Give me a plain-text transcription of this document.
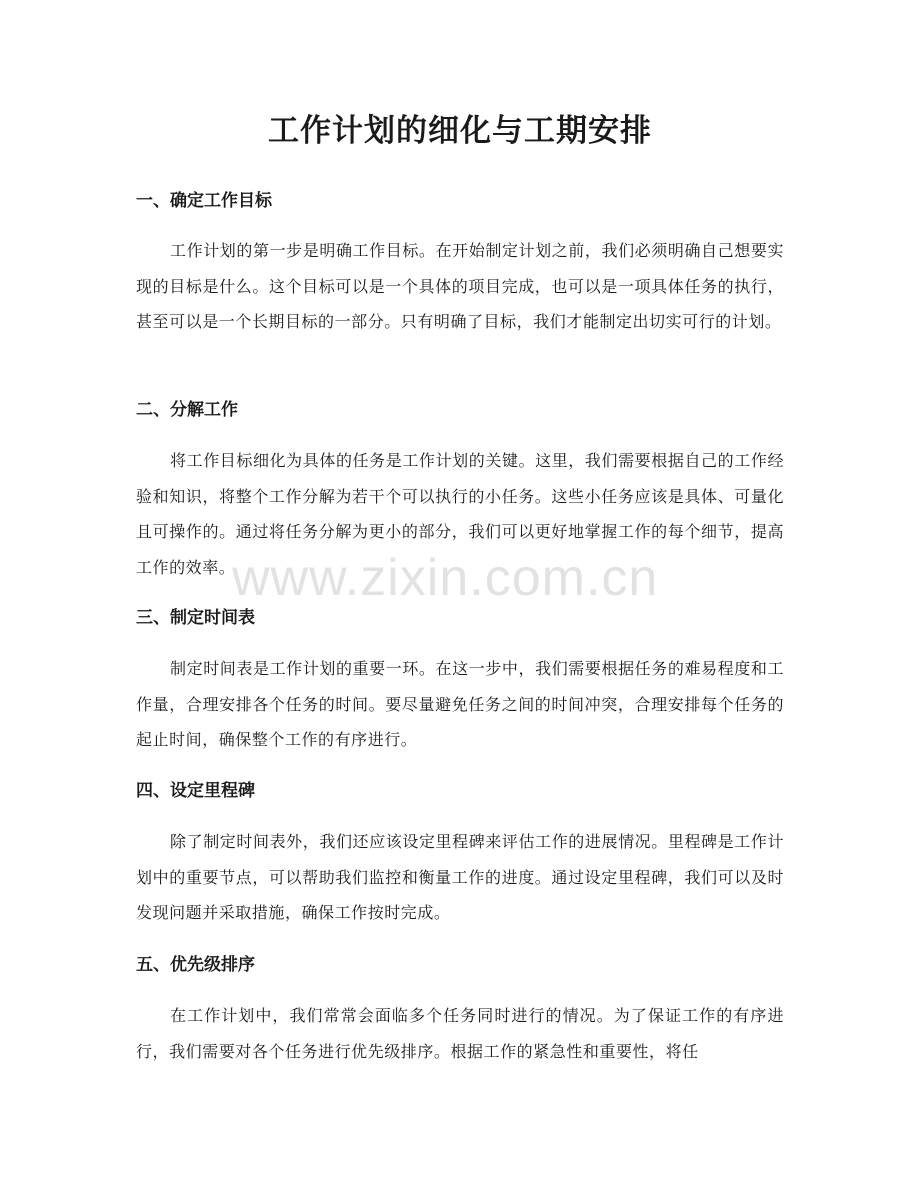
工作计划的细化与工期安排
一、确定工作目标

工作计划的第一步是明确工作目标。在开始制定计划之前，我们必须明确自己想要实现的目标是什么。这个目标可以是一个具体的项目完成，也可以是一项具体任务的执行，甚至可以是一个长期目标的一部分。只有明确了目标，我们才能制定出切实可行的计划。

二、分解工作

将工作目标细化为具体的任务是工作计划的关键。这里，我们需要根据自己的工作经验和知识，将整个工作分解为若干个可以执行的小任务。这些小任务应该是具体、可量化且可操作的。通过将任务分解为更小的部分，我们可以更好地掌握工作的每个细节，提高工作的效率。

三、制定时间表

制定时间表是工作计划的重要一环。在这一步中，我们需要根据任务的难易程度和工作量，合理安排各个任务的时间。要尽量避免任务之间的时间冲突，合理安排每个任务的起止时间，确保整个工作的有序进行。

四、设定里程碑

除了制定时间表外，我们还应该设定里程碑来评估工作的进展情况。里程碑是工作计划中的重要节点，可以帮助我们监控和衡量工作的进度。通过设定里程碑，我们可以及时发现问题并采取措施，确保工作按时完成。

五、优先级排序

在工作计划中，我们常常会面临多个任务同时进行的情况。为了保证工作的有序进行，我们需要对各个任务进行优先级排序。根据工作的紧急性和重要性，将任

www.zixin.com.cn
